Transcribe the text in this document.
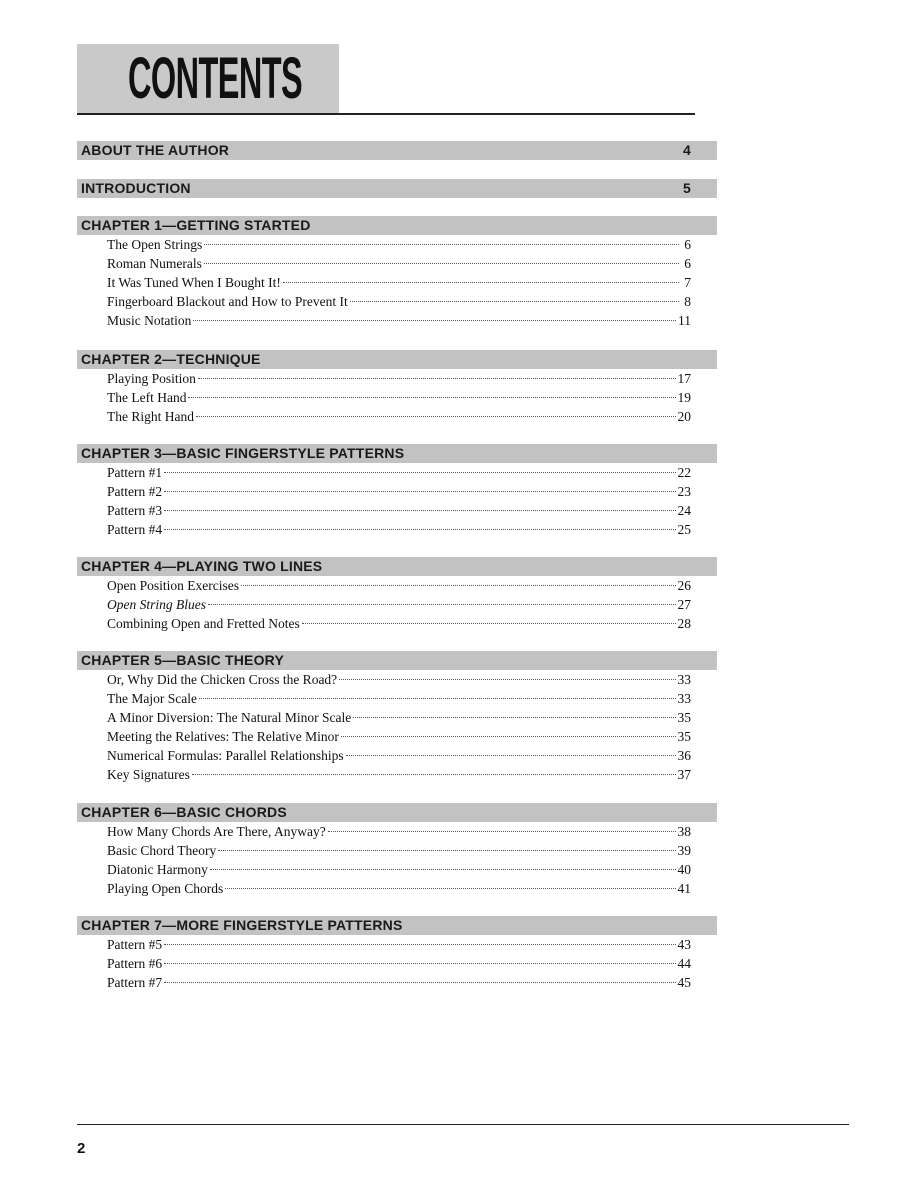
CONTENTS
ABOUT THE AUTHOR	4
INTRODUCTION	5
CHAPTER 1—GETTING STARTED
The Open Strings	6
Roman Numerals	6
It Was Tuned When I Bought It!	7
Fingerboard Blackout and How to Prevent It	8
Music Notation	11
CHAPTER 2—TECHNIQUE
Playing Position	17
The Left Hand	19
The Right Hand	20
CHAPTER 3—BASIC FINGERSTYLE PATTERNS
Pattern #1	22
Pattern #2	23
Pattern #3	24
Pattern #4	25
CHAPTER 4—PLAYING TWO LINES
Open Position Exercises	26
Open String Blues	27
Combining Open and Fretted Notes	28
CHAPTER 5—BASIC THEORY
Or, Why Did the Chicken Cross the Road?	33
The Major Scale	33
A Minor Diversion: The Natural Minor Scale	35
Meeting the Relatives: The Relative Minor	35
Numerical Formulas: Parallel Relationships	36
Key Signatures	37
CHAPTER 6—BASIC CHORDS
How Many Chords Are There, Anyway?	38
Basic Chord Theory	39
Diatonic Harmony	40
Playing Open Chords	41
CHAPTER 7—MORE FINGERSTYLE PATTERNS
Pattern #5	43
Pattern #6	44
Pattern #7	45
2
